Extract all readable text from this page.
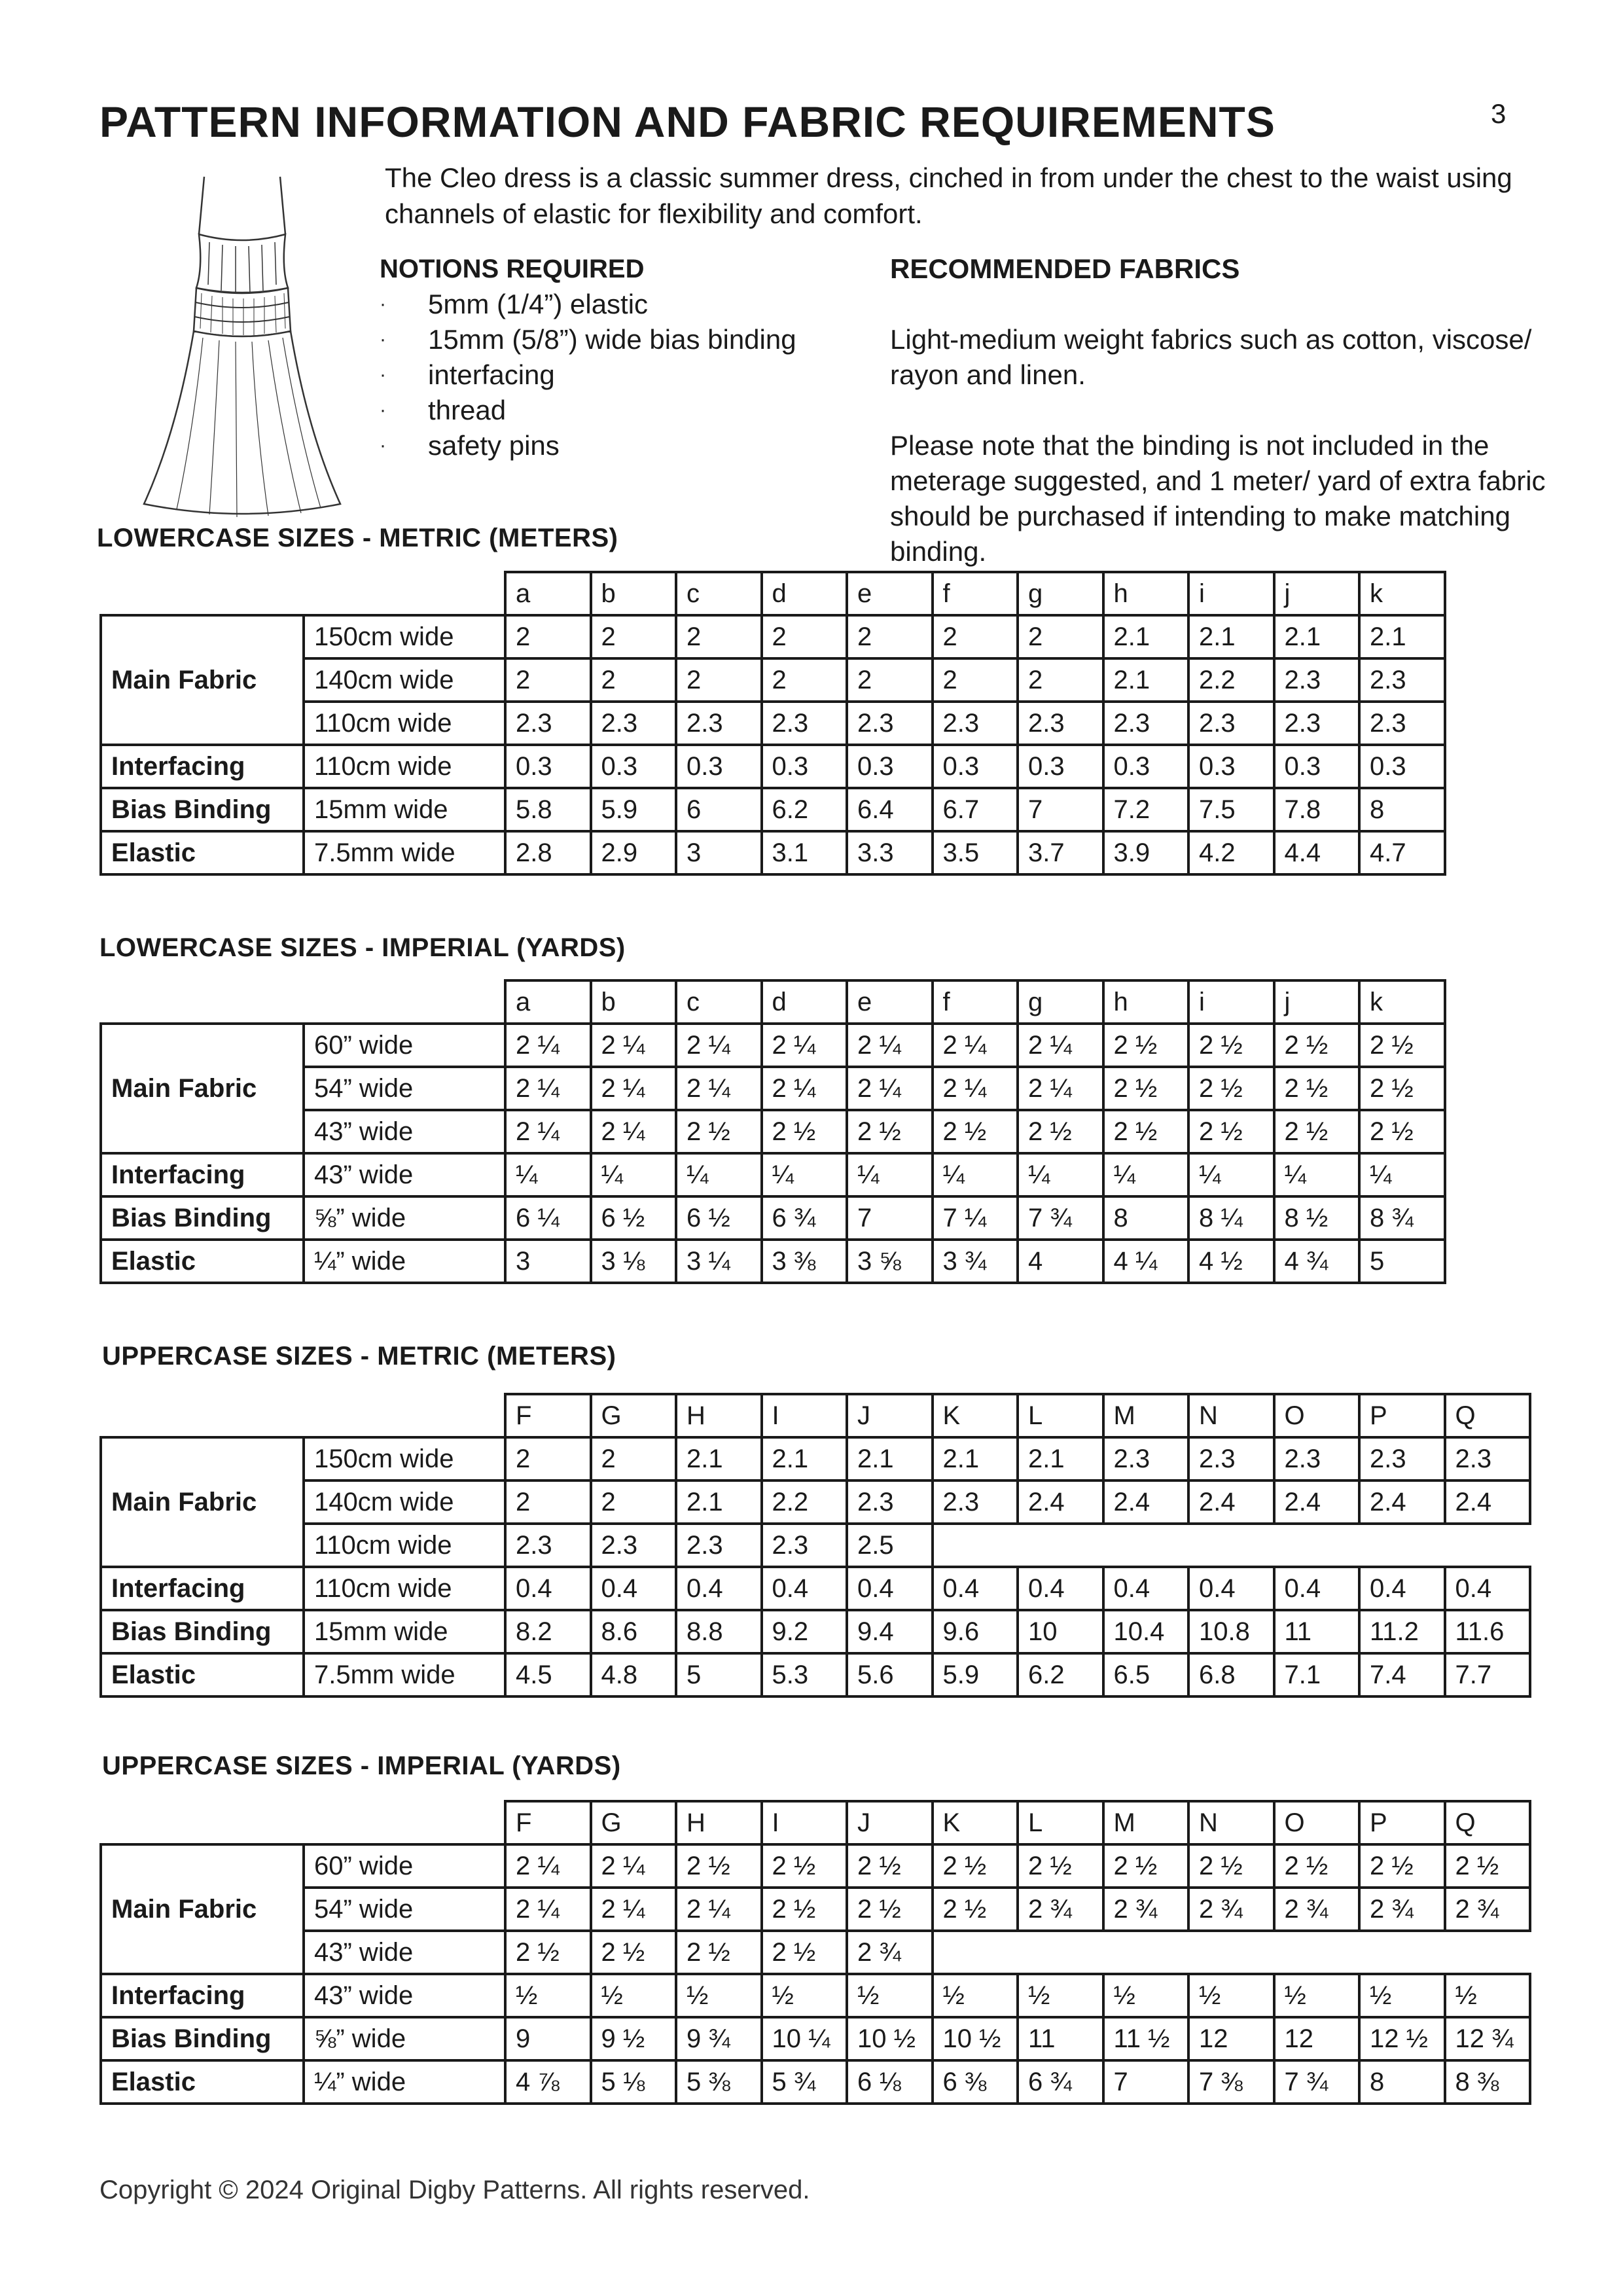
3
PATTERN INFORMATION AND FABRIC REQUIREMENTS

The Cleo dress is a classic summer dress, cinched in from under the chest to the waist using channels of elastic for flexibility and comfort.

NOTIONS REQUIRED

· 5mm (1/4”) elastic
· 15mm (5/8”) wide bias binding
· interfacing
· thread
· safety pins

RECOMMENDED FABRICS

Light-medium weight fabrics such as cotton, viscose/ rayon and linen.

Please note that the binding is not included in the meterage suggested, and 1 meter/ yard of extra fabric should be purchased if intending to make matching binding.

LOWERCASE SIZES - METRIC (METERS)
		a	b	c	d	e	f	g	h	i	j	k
Main Fabric	150cm wide	2	2	2	2	2	2	2	2.1	2.1	2.1	2.1
	140cm wide	2	2	2	2	2	2	2	2.1	2.2	2.3	2.3
	110cm wide	2.3	2.3	2.3	2.3	2.3	2.3	2.3	2.3	2.3	2.3	2.3
Interfacing	110cm wide	0.3	0.3	0.3	0.3	0.3	0.3	0.3	0.3	0.3	0.3	0.3
Bias Binding	15mm wide	5.8	5.9	6	6.2	6.4	6.7	7	7.2	7.5	7.8	8
Elastic	7.5mm wide	2.8	2.9	3	3.1	3.3	3.5	3.7	3.9	4.2	4.4	4.7
LOWERCASE SIZES - IMPERIAL (YARDS)
		a	b	c	d	e	f	g	h	i	j	k
Main Fabric	60” wide	2 ¼	2 ¼	2 ¼	2 ¼	2 ¼	2 ¼	2 ¼	2 ½	2 ½	2 ½	2 ½
	54” wide	2 ¼	2 ¼	2 ¼	2 ¼	2 ¼	2 ¼	2 ¼	2 ½	2 ½	2 ½	2 ½
	43” wide	2 ¼	2 ¼	2 ½	2 ½	2 ½	2 ½	2 ½	2 ½	2 ½	2 ½	2 ½
Interfacing	43” wide	¼	¼	¼	¼	¼	¼	¼	¼	¼	¼	¼
Bias Binding	⅝” wide	6 ¼	6 ½	6 ½	6 ¾	7	7 ¼	7 ¾	8	8 ¼	8 ½	8 ¾
Elastic	¼” wide	3	3 ⅛	3 ¼	3 ⅜	3 ⅝	3 ¾	4	4 ¼	4 ½	4 ¾	5
UPPERCASE SIZES - METRIC (METERS)
		F	G	H	I	J	K	L	M	N	O	P	Q
Main Fabric	150cm wide	2	2	2.1	2.1	2.1	2.1	2.1	2.3	2.3	2.3	2.3	2.3
	140cm wide	2	2	2.1	2.2	2.3	2.3	2.4	2.4	2.4	2.4	2.4	2.4
	110cm wide	2.3	2.3	2.3	2.3	2.5							
Interfacing	110cm wide	0.4	0.4	0.4	0.4	0.4	0.4	0.4	0.4	0.4	0.4	0.4	0.4
Bias Binding	15mm wide	8.2	8.6	8.8	9.2	9.4	9.6	10	10.4	10.8	11	11.2	11.6
Elastic	7.5mm wide	4.5	4.8	5	5.3	5.6	5.9	6.2	6.5	6.8	7.1	7.4	7.7
UPPERCASE SIZES - IMPERIAL (YARDS)
		F	G	H	I	J	K	L	M	N	O	P	Q
Main Fabric	60” wide	2 ¼	2 ¼	2 ½	2 ½	2 ½	2 ½	2 ½	2 ½	2 ½	2 ½	2 ½	2 ½
	54” wide	2 ¼	2 ¼	2 ¼	2 ½	2 ½	2 ½	2 ¾	2 ¾	2 ¾	2 ¾	2 ¾	2 ¾
	43” wide	2 ½	2 ½	2 ½	2 ½	2 ¾							
Interfacing	43” wide	½	½	½	½	½	½	½	½	½	½	½	½
Bias Binding	⅝” wide	9	9 ½	9 ¾	10 ¼	10 ½	10 ½	11	11 ½	12	12	12 ½	12 ¾
Elastic	¼” wide	4 ⅞	5 ⅛	5 ⅜	5 ¾	6 ⅛	6 ⅜	6 ¾	7	7 ⅜	7 ¾	8	8 ⅜

Copyright © 2024 Original Digby Patterns. All rights reserved.
